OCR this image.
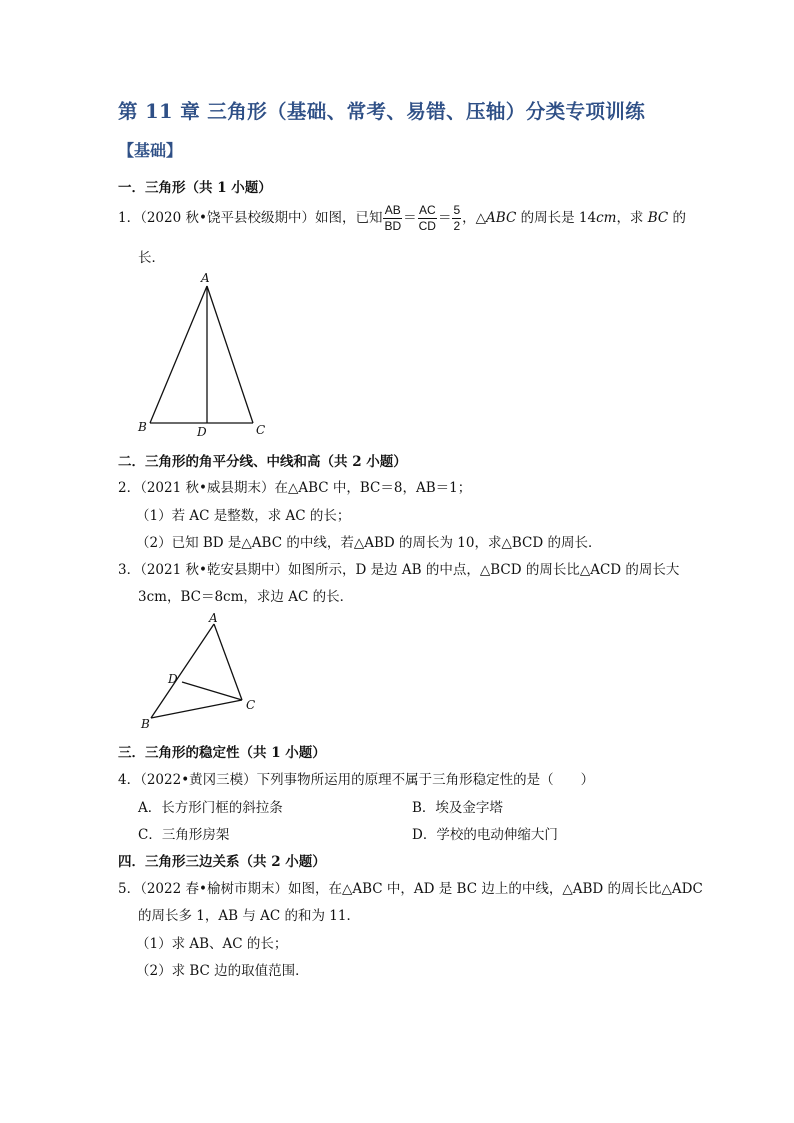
第 11 章 三角形（基础、常考、易错、压轴）分类专项训练
【基础】
一．三角形（共 1 小题）
1．（2020 秋•饶平县校级期中）如图，已知 $\frac{AB}{BD} = \frac{AC}{CD} = \frac{5}{2}$ ，△ABC 的周长是 14cm，求 BC 的
长．
A
B	C
D
二．三角形的角平分线、中线和高（共 2 小题）
2．（2021 秋•威县期末）在△ABC 中，BC＝8，AB＝1；
（1）若 AC 是整数，求 AC 的长；
（2）已知 BD 是△ABC 的中线，若△ABD 的周长为 10，求△BCD 的周长．
3．（2021 秋•乾安县期中）如图所示，D 是边 AB 的中点，△BCD 的周长比△ACD 的周长大
3cm，BC＝8cm，求边 AC 的长．
A
B
C
D
三．三角形的稳定性（共 1 小题）
4．（2022•黄冈三模）下列事物所运用的原理不属于三角形稳定性的是（　　）
A．长方形门框的斜拉条	B．埃及金字塔
C．三角形房架	D．学校的电动伸缩大门
四．三角形三边关系（共 2 小题）
5．（2022 春•榆树市期末）如图，在△ABC 中，AD 是 BC 边上的中线，△ABD 的周长比△ADC
的周长多 1，AB 与 AC 的和为 11．
（1）求 AB、AC 的长；
（2）求 BC 边的取值范围．
